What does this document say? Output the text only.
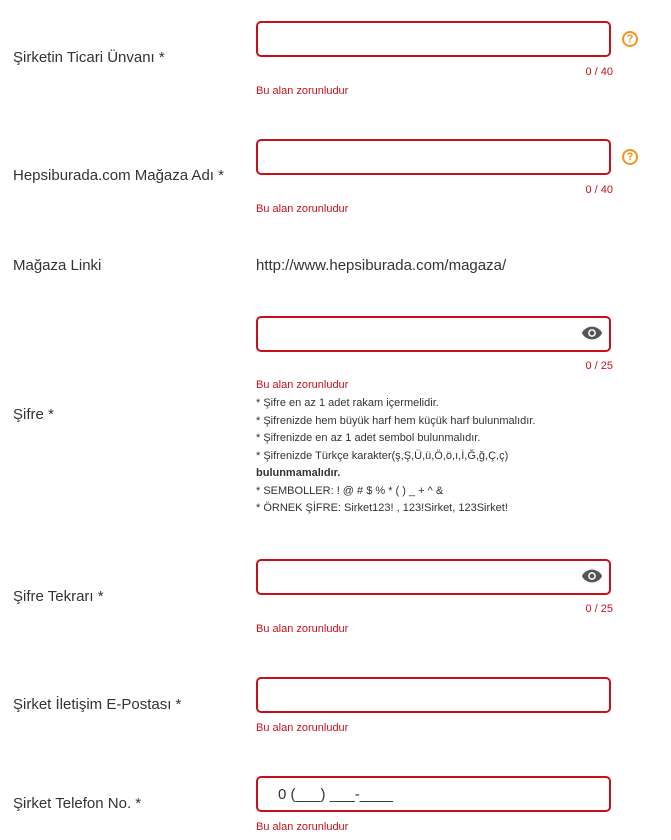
Şirketin Ticari Ünvanı *
?
0 / 40
Bu alan zorunludur
Hepsiburada.com Mağaza Adı *
?
0 / 40
Bu alan zorunludur
Mağaza Linki	http://www.hepsiburada.com/magaza/
Şifre *
0 / 25
Bu alan zorunludur
* Şifre en az 1 adet rakam içermelidir.
* Şifrenizde hem büyük harf hem küçük harf bulunmalıdır.
* Şifrenizde en az 1 adet sembol bulunmalıdır.
* Şifrenizde Türkçe karakter(ş,Ş,Ü,ü,Ö,ö,ı,İ,Ğ,ğ,Ç,ç)
bulunmamalıdır.
* SEMBOLLER: ! @ # $ % * ( ) _ + ^ &
* ÖRNEK ŞİFRE: Sirket123! , 123!Sirket, 123Sirket!
Şifre Tekrarı *
0 / 25
Bu alan zorunludur
Şirket İletişim E-Postası *
Bu alan zorunludur
Şirket Telefon No. *
0 (___) ___-____
Bu alan zorunludur
